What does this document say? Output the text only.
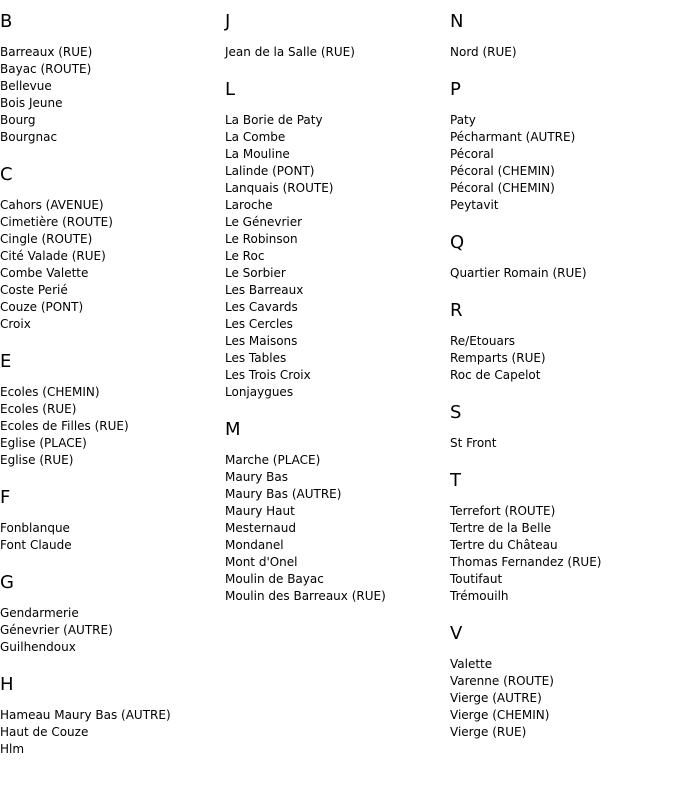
B
Barreaux (RUE)
Bayac (ROUTE)
Bellevue
Bois Jeune
Bourg
Bourgnac
C
Cahors (AVENUE)
Cimetière (ROUTE)
Cingle (ROUTE)
Cité Valade (RUE)
Combe Valette
Coste Perié
Couze (PONT)
Croix
E
Ecoles (CHEMIN)
Ecoles (RUE)
Ecoles de Filles (RUE)
Eglise (PLACE)
Eglise (RUE)
F
Fonblanque
Font Claude
G
Gendarmerie
Génevrier (AUTRE)
Guilhendoux
H
Hameau Maury Bas (AUTRE)
Haut de Couze
Hlm
J
Jean de la Salle (RUE)
L
La Borie de Paty
La Combe
La Mouline
Lalinde (PONT)
Lanquais (ROUTE)
Laroche
Le Génevrier
Le Robinson
Le Roc
Le Sorbier
Les Barreaux
Les Cavards
Les Cercles
Les Maisons
Les Tables
Les Trois Croix
Lonjaygues
M
Marche (PLACE)
Maury Bas
Maury Bas (AUTRE)
Maury Haut
Mesternaud
Mondanel
Mont d'Onel
Moulin de Bayac
Moulin des Barreaux (RUE)
N
Nord (RUE)
P
Paty
Pécharmant (AUTRE)
Pécoral
Pécoral (CHEMIN)
Pécoral (CHEMIN)
Peytavit
Q
Quartier Romain (RUE)
R
Re/Etouars
Remparts (RUE)
Roc de Capelot
S
St Front
T
Terrefort (ROUTE)
Tertre de la Belle
Tertre du Château
Thomas Fernandez (RUE)
Toutifaut
Trémouilh
V
Valette
Varenne (ROUTE)
Vierge (AUTRE)
Vierge (CHEMIN)
Vierge (RUE)
